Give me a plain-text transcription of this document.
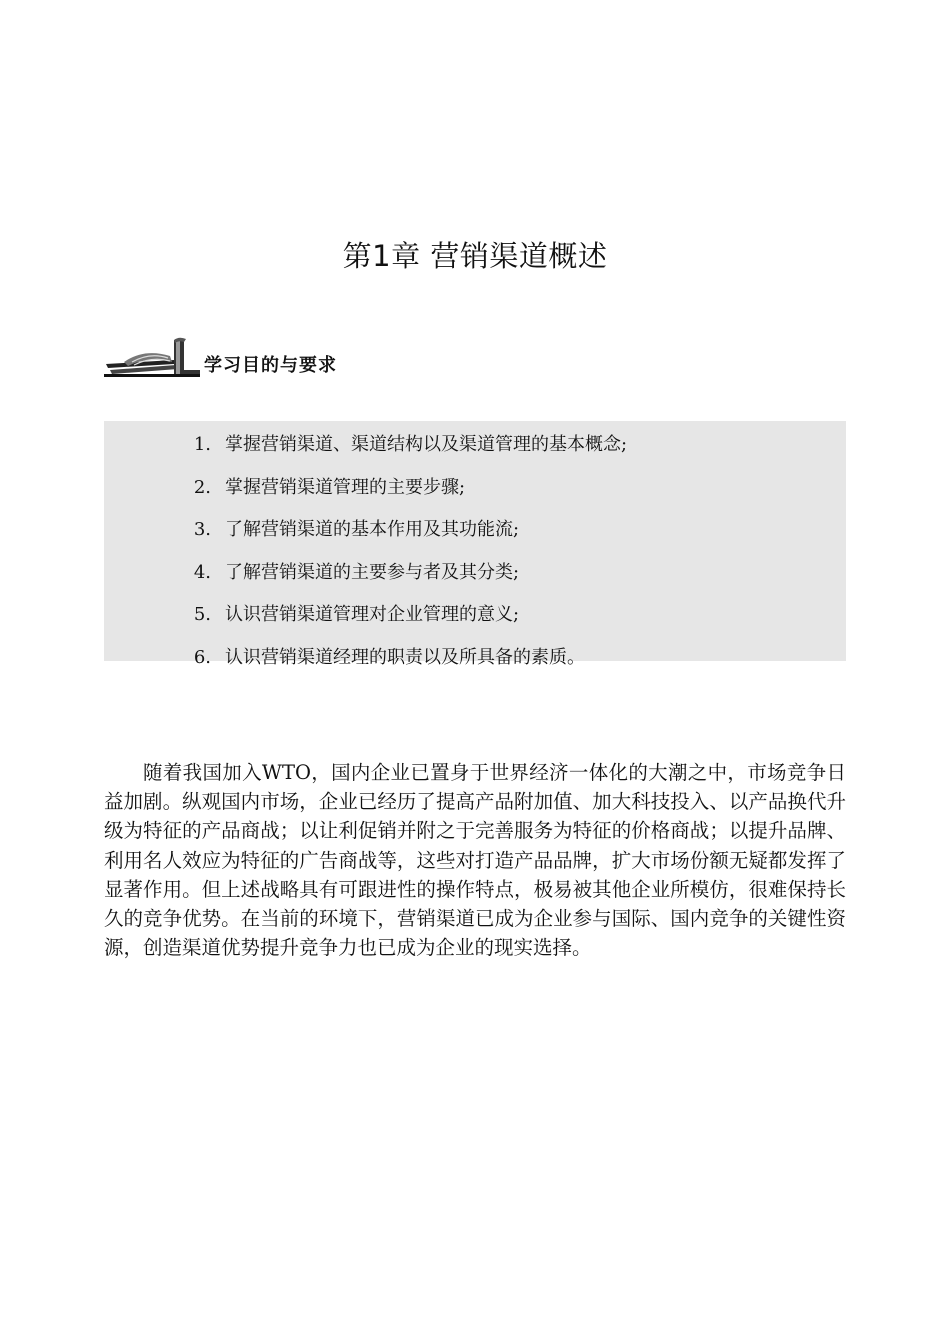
第1章 营销渠道概述
学习目的与要求
1. 掌握营销渠道、渠道结构以及渠道管理的基本概念;
2. 掌握营销渠道管理的主要步骤;
3. 了解营销渠道的基本作用及其功能流;
4. 了解营销渠道的主要参与者及其分类;
5. 认识营销渠道管理对企业管理的意义;
6. 认识营销渠道经理的职责以及所具备的素质。

随着我国加入WTO，国内企业已置身于世界经济一体化的大潮之中，市场竞争日益加剧。纵观国内市场，企业已经历了提高产品附加值、加大科技投入、以产品换代升级为特征的产品商战；以让利促销并附之于完善服务为特征的价格商战；以提升品牌、利用名人效应为特征的广告商战等，这些对打造产品品牌，扩大市场份额无疑都发挥了显著作用。但上述战略具有可跟进性的操作特点，极易被其他企业所模仿，很难保持长久的竞争优势。在当前的环境下，营销渠道已成为企业参与国际、国内竞争的关键性资源，创造渠道优势提升竞争力也已成为企业的现实选择。
